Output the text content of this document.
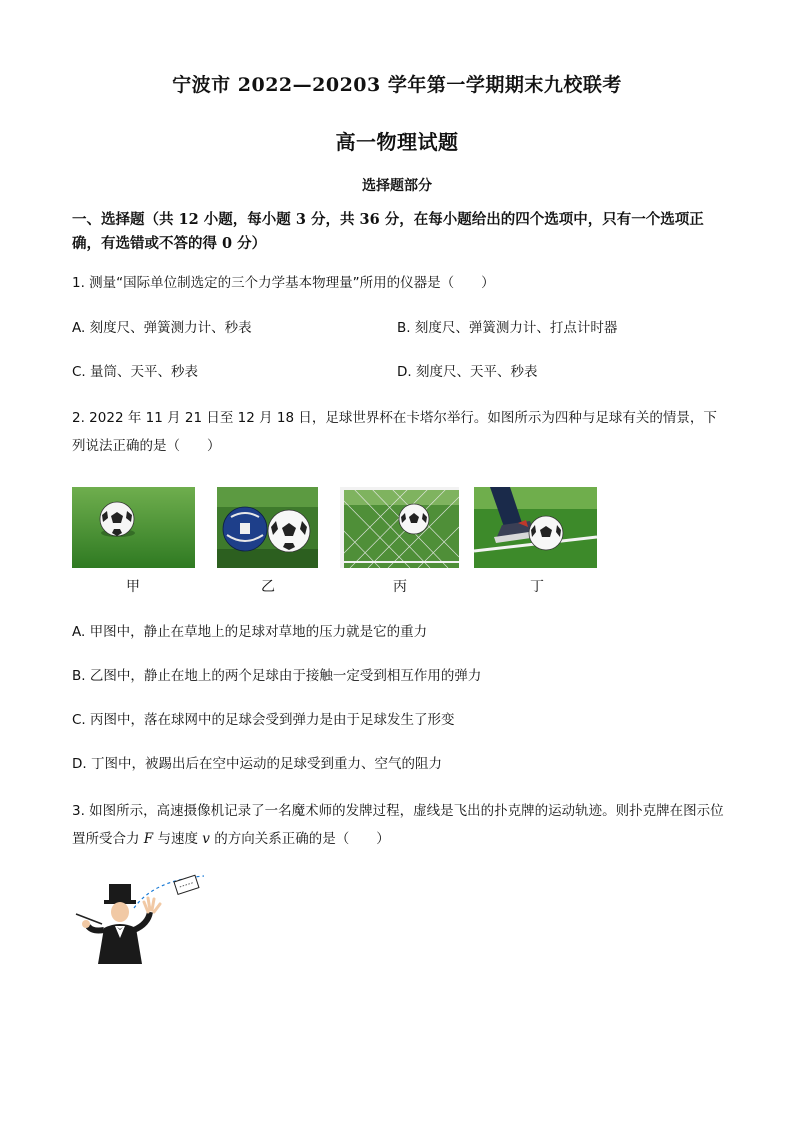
宁波市 2022—20203 学年第一学期期末九校联考
高一物理试题
选择题部分
一、选择题（共 12 小题，每小题 3 分，共 36 分，在每小题给出的四个选项中，只有一个选项正确，有选错或不答的得 0 分）
1. 测量“国际单位制选定的三个力学基本物理量”所用的仪器是（　　）
A. 刻度尺、弹簧测力计、秒表	B. 刻度尺、弹簧测力计、打点计时器
C. 量筒、天平、秒表	D. 刻度尺、天平、秒表
2. 2022 年 11 月 21 日至 12 月 18 日，足球世界杯在卡塔尔举行。如图所示为四种与足球有关的情景，下列说法正确的是（　　）
甲	乙	丙	丁
A. 甲图中，静止在草地上的足球对草地的压力就是它的重力
B. 乙图中，静止在地上的两个足球由于接触一定受到相互作用的弹力
C. 丙图中，落在球网中的足球会受到弹力是由于足球发生了形变
D. 丁图中，被踢出后在空中运动的足球受到重力、空气的阻力
3. 如图所示，高速摄像机记录了一名魔术师的发牌过程，虚线是飞出的扑克牌的运动轨迹。则扑克牌在图示位置所受合力 F 与速度 v 的方向关系正确的是（　　）
